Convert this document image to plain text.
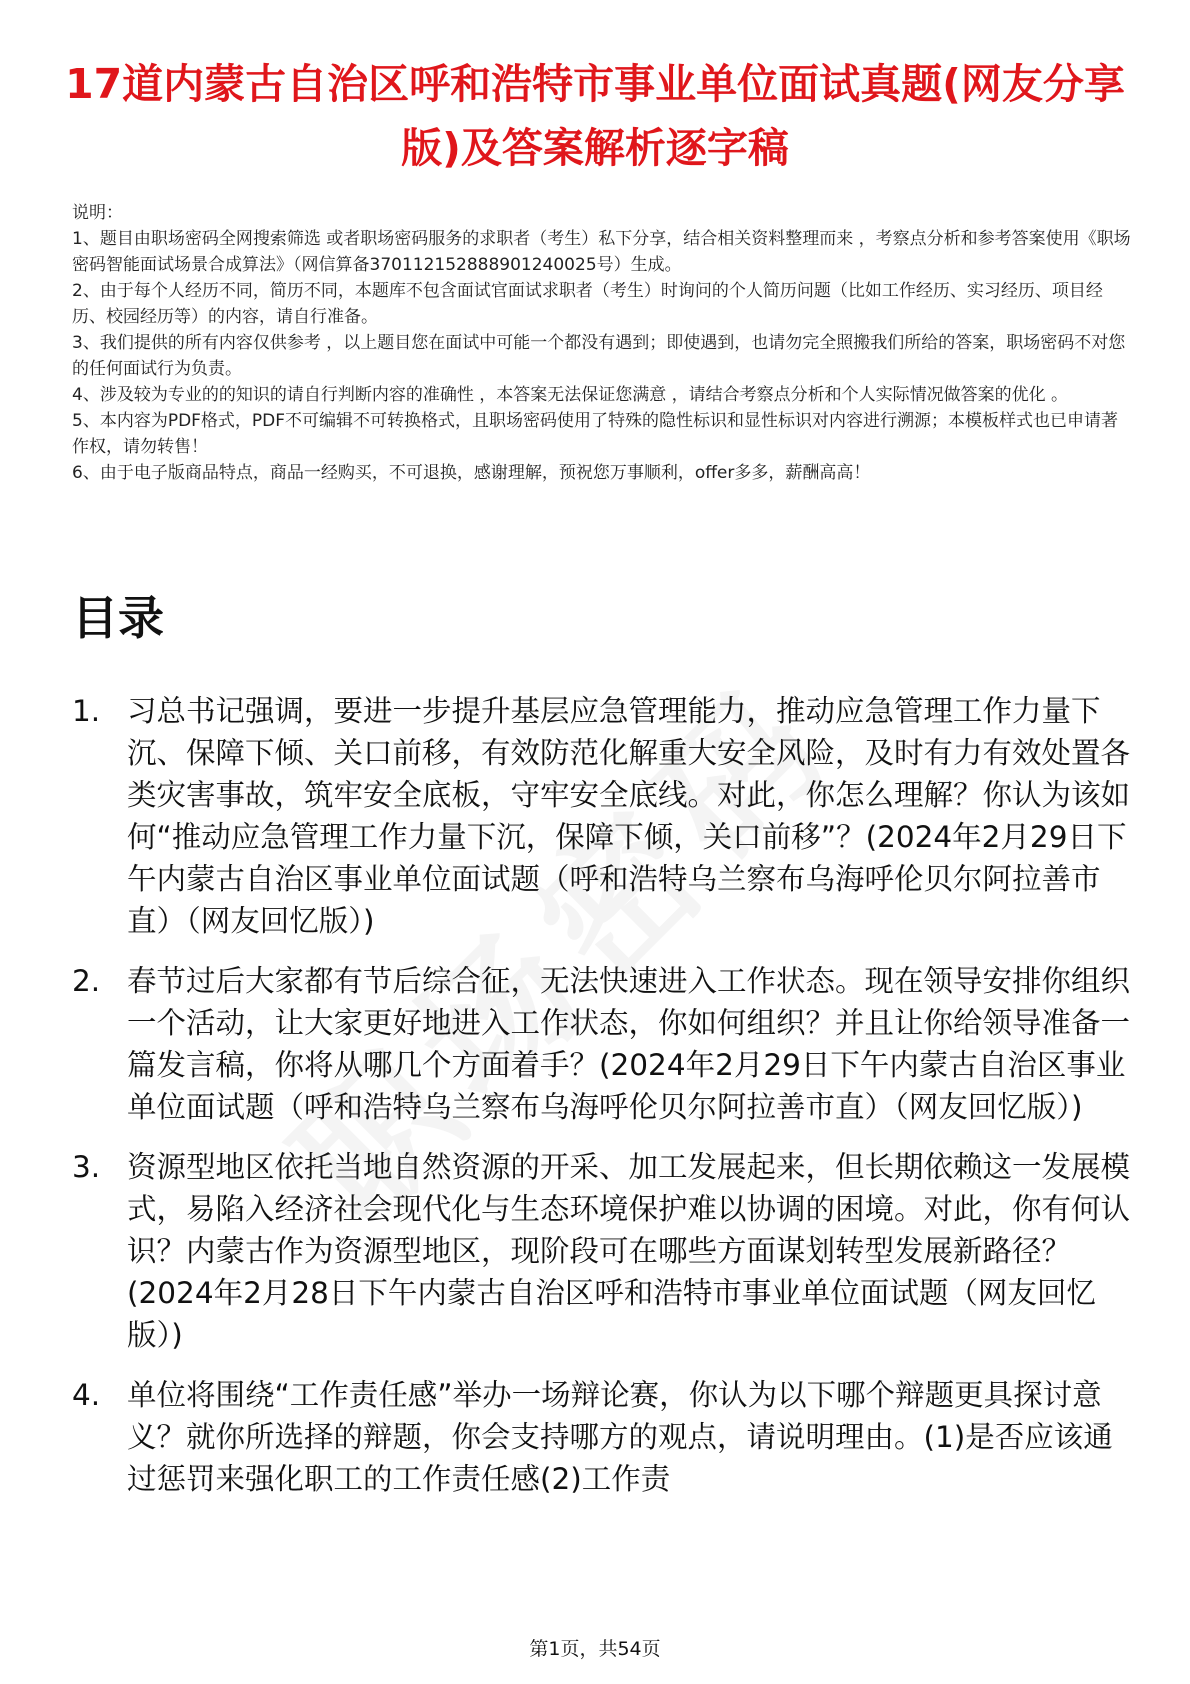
17道内蒙古自治区呼和浩特市事业单位面试真题(网友分享版)及答案解析逐字稿

说明：

1、题目由职场密码全网搜索筛选 或者职场密码服务的求职者（考生）私下分享，结合相关资料整理而来 ，考察点分析和参考答案使用《职场密码智能面试场景合成算法》（网信算备370112152888901240025号）生成。

2、由于每个人经历不同，简历不同，本题库不包含面试官面试求职者（考生）时询问的个人简历问题（比如工作经历、实习经历、项目经历、校园经历等）的内容，请自行准备。

3、我们提供的所有内容仅供参考 ，以上题目您在面试中可能一个都没有遇到；即使遇到，也请勿完全照搬我们所给的答案，职场密码不对您的任何面试行为负责。

4、涉及较为专业的的知识的请自行判断内容的准确性 ，本答案无法保证您满意 ，请结合考察点分析和个人实际情况做答案的优化 。

5、本内容为PDF格式，PDF不可编辑不可转换格式，且职场密码使用了特殊的隐性标识和显性标识对内容进行溯源；本模板样式也已申请著作权，请勿转售！

6、由于电子版商品特点，商品一经购买，不可退换，感谢理解，预祝您万事顺利，offer多多，薪酬高高！

目录
1. 习总书记强调，要进一步提升基层应急管理能力，推动应急管理工作力量下沉、保障下倾、关口前移，有效防范化解重大安全风险，及时有力有效处置各类灾害事故，筑牢安全底板，守牢安全底线。对此，你怎么理解？你认为该如何“推动应急管理工作力量下沉，保障下倾，关口前移”？(2024年2月29日下午内蒙古自治区事业单位面试题（呼和浩特乌兰察布乌海呼伦贝尔阿拉善市直）（网友回忆版）)
2. 春节过后大家都有节后综合征，无法快速进入工作状态。现在领导安排你组织一个活动，让大家更好地进入工作状态，你如何组织？并且让你给领导准备一篇发言稿，你将从哪几个方面着手？(2024年2月29日下午内蒙古自治区事业单位面试题（呼和浩特乌兰察布乌海呼伦贝尔阿拉善市直）（网友回忆版）)
3. 资源型地区依托当地自然资源的开采、加工发展起来，但长期依赖这一发展模式，易陷入经济社会现代化与生态环境保护难以协调的困境。对此，你有何认识？内蒙古作为资源型地区，现阶段可在哪些方面谋划转型发展新路径？(2024年2月28日下午内蒙古自治区呼和浩特市事业单位面试题（网友回忆版）)
4. 单位将围绕“工作责任感”举办一场辩论赛，你认为以下哪个辩题更具探讨意义？就你所选择的辩题，你会支持哪方的观点，请说明理由。(1)是否应该通过惩罚来强化职工的工作责任感(2)工作责
第1页，共54页
